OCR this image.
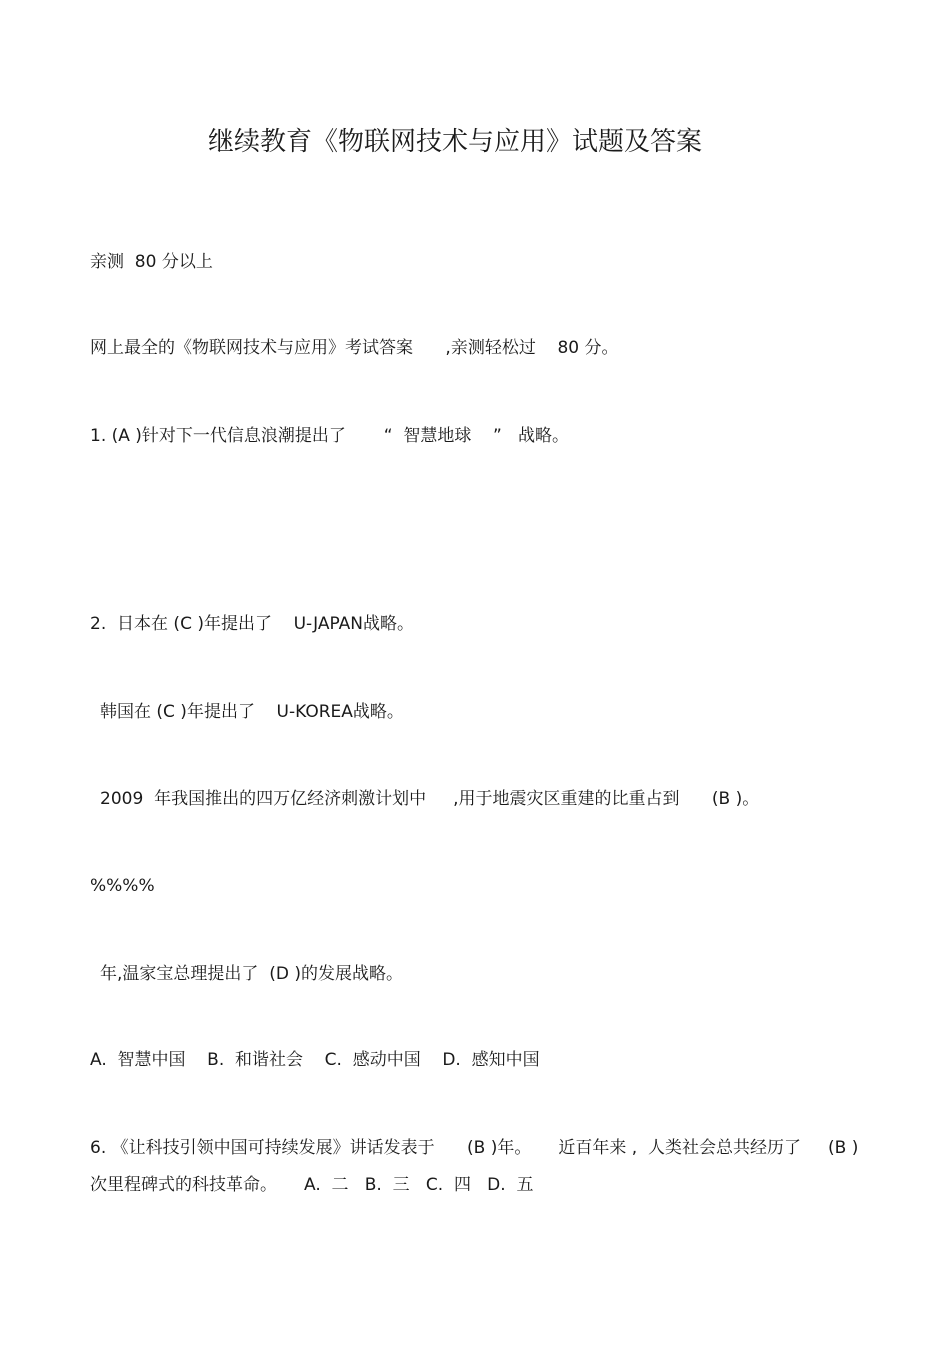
继续教育《物联网技术与应用》试题及答案
亲测  80 分以上
网上最全的《物联网技术与应用》考试答案      ,亲测轻松过    80 分。
1. (A )针对下一代信息浪潮提出了       “  智慧地球    ”   战略。
2.  日本在 (C )年提出了    U-JAPAN战略。
韩国在 (C )年提出了    U-KOREA战略。
2009  年我国推出的四万亿经济刺激计划中     ,用于地震灾区重建的比重占到      (B )。
%%%%
年,温家宝总理提出了  (D )的发展战略。
A.  智慧中国    B.  和谐社会    C.  感动中国    D.  感知中国
6. 《让科技引领中国可持续发展》讲话发表于      (B )年。     近百年来 ,  人类社会总共经历了     (B )
次里程碑式的科技革命。     A.  二   B.  三   C.  四   D.  五
